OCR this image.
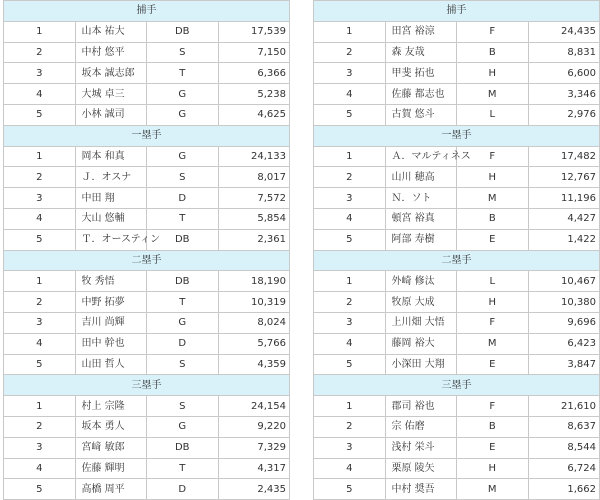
捕手			
1	山本 祐大	DB	17,539
2	中村 悠平	S	7,150
3	坂本 誠志郎	T	6,366
4	大城 卓三	G	5,238
5	小林 誠司	G	4,625
一塁手			
1	岡本 和真	G	24,133
2	Ｊ．オスナ	S	8,017
3	中田 翔	D	7,572
4	大山 悠輔	T	5,854
5	Ｔ．オースティン	DB	2,361
二塁手			
1	牧 秀悟	DB	18,190
2	中野 拓夢	T	10,319
3	吉川 尚輝	G	8,024
4	田中 幹也	D	5,766
5	山田 哲人	S	4,359
三塁手			
1	村上 宗隆	S	24,154
2	坂本 勇人	G	9,220
3	宮﨑 敏郎	DB	7,329
4	佐藤 輝明	T	4,317
5	高橋 周平	D	2,435
捕手			
1	田宮 裕涼	F	24,435
2	森 友哉	B	8,831
3	甲斐 拓也	H	6,600
4	佐藤 都志也	M	3,346
5	古賀 悠斗	L	2,976
一塁手			
1	Ａ．マルティネス	F	17,482
2	山川 穂高	H	12,767
3	Ｎ．ソト	M	11,196
4	頓宮 裕真	B	4,427
5	阿部 寿樹	E	1,422
二塁手			
1	外崎 修汰	L	10,467
2	牧原 大成	H	10,380
3	上川畑 大悟	F	9,696
4	藤岡 裕大	M	6,423
5	小深田 大翔	E	3,847
三塁手			
1	郡司 裕也	F	21,610
2	宗 佑磨	B	8,637
3	浅村 栄斗	E	8,544
4	栗原 陵矢	H	6,724
5	中村 奨吾	M	1,662
